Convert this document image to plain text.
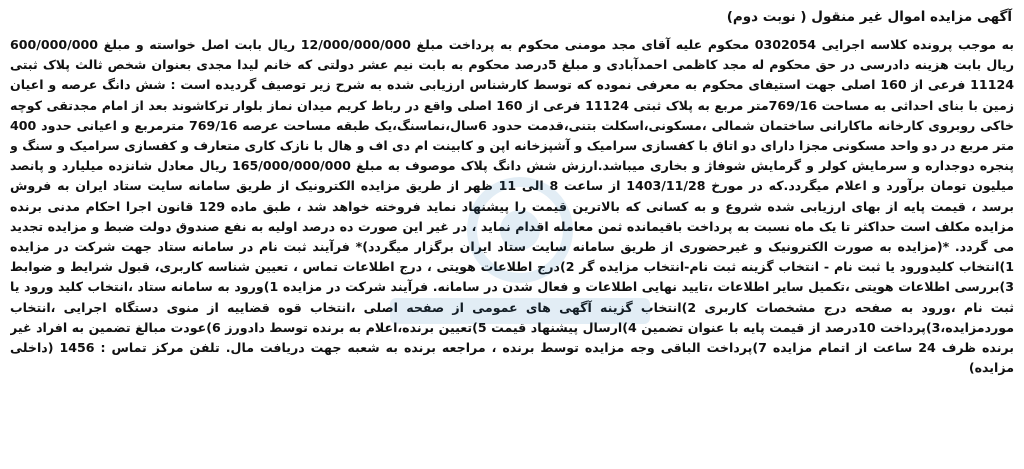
آگهی مزایده اموال غیر منقول ( نوبت دوم)

به موجب پرونده کلاسه اجرایی 0302054 محکوم علیه آقای مجد مومنی محکوم به پرداخت مبلغ 12/000/000/000 ریال بابت اصل خواسته و مبلغ 600/000/000 ریال بابت هزینه دادرسی در حق محکوم له مجد کاظمی احمدآبادی و مبلغ 5درصد محکوم به بابت نیم عشر دولتی که خانم لیدا مجدی بعنوان شخص ثالث پلاک ثبتی 11124 فرعی از 160 اصلی جهت استیفای محکوم به معرفی نموده که توسط کارشناس ارزیابی شده به شرح زیر توصیف گردیده است : شش دانگ عرصه و اعیان زمین با بنای احداثی به مساحت 769/16متر مربع به پلاک ثبتی 11124 فرعی از 160 اصلی واقع در رباط کریم میدان نماز بلوار ترکاشوند بعد از امام مجدتقی کوچه خاکی روبروی کارخانه ماکارانی ساختمان شمالی ،مسکونی،اسکلت بتنی،قدمت حدود 6سال،نماسنگ،یک طبقه مساحت عرصه 769/16 مترمربع و اعیانی حدود 400 متر مربع در دو واحد مسکونی مجزا دارای دو اتاق با کفسازی سرامیک و آشپزخانه اپن و کابینت ام دی اف و هال با نازک کاری متعارف و کفسازی سرامیک و سنگ و پنجره دوجداره و سرمایش کولر و گرمایش شوفاژ و بخاری میباشد.ارزش شش دانگ پلاک موصوف به مبلغ 165/000/000/000 ریال معادل شانزده میلیارد و پانصد میلیون تومان برآورد و اعلام میگردد.که در مورخ 1403/11/28 از ساعت 8 الی 11 ظهر از طریق مزایده الکترونیک از طریق سامانه سایت ستاد ایران به فروش برسد ، قیمت پایه از بهای ارزیابی شده شروع و به کسانی که بالاترین قیمت را پیشنهاد نماید فروخته خواهد شد ، طبق ماده 129 قانون اجرا احکام مدنی برنده مزایده مکلف است حداکثر تا یک ماه نسبت به پرداخت باقیمانده ثمن معامله اقدام نماید ، در غیر این صورت ده درصد اولیه به نفع صندوق دولت ضبط و مزایده تجدید می گردد. *(مزایده به صورت الکترونیک و غیرحضوری از طریق سامانه سایت ستاد ایران برگزار میگردد)* فرآیند ثبت نام در سامانه ستاد جهت شرکت در مزایده 1)انتخاب کلیدورود یا ثبت نام - انتخاب گزینه ثبت نام-انتخاب مزایده گر 2)درج اطلاعات هویتی ، درج اطلاعات تماس ، تعیین شناسه کاربری، قبول شرایط و ضوابط 3)بررسی اطلاعات هویتی ،تکمیل سایر اطلاعات ،تایید نهایی اطلاعات و فعال شدن در سامانه. فرآیند شرکت در مزایده 1)ورود به سامانه ستاد ،انتخاب کلید ورود یا ثبت نام ،ورود به صفحه درج مشخصات کاربری 2)انتخاب گزینه آگهی های عمومی از صفحه اصلی ،انتخاب قوه قضاییه از منوی دستگاه اجرایی ،انتخاب موردمزایده،3)پرداخت 10درصد از قیمت پایه با عنوان تضمین 4)ارسال پیشنهاد قیمت 5)تعیین برنده،اعلام به برنده توسط دادورز 6)عودت مبالغ تضمین به افراد غیر برنده ظرف 24 ساعت از اتمام مزایده 7)پرداخت الباقی وجه مزایده توسط برنده ، مراجعه برنده به شعبه جهت دریافت مال. تلفن مرکز تماس : 1456 (داخلی مزایده)
